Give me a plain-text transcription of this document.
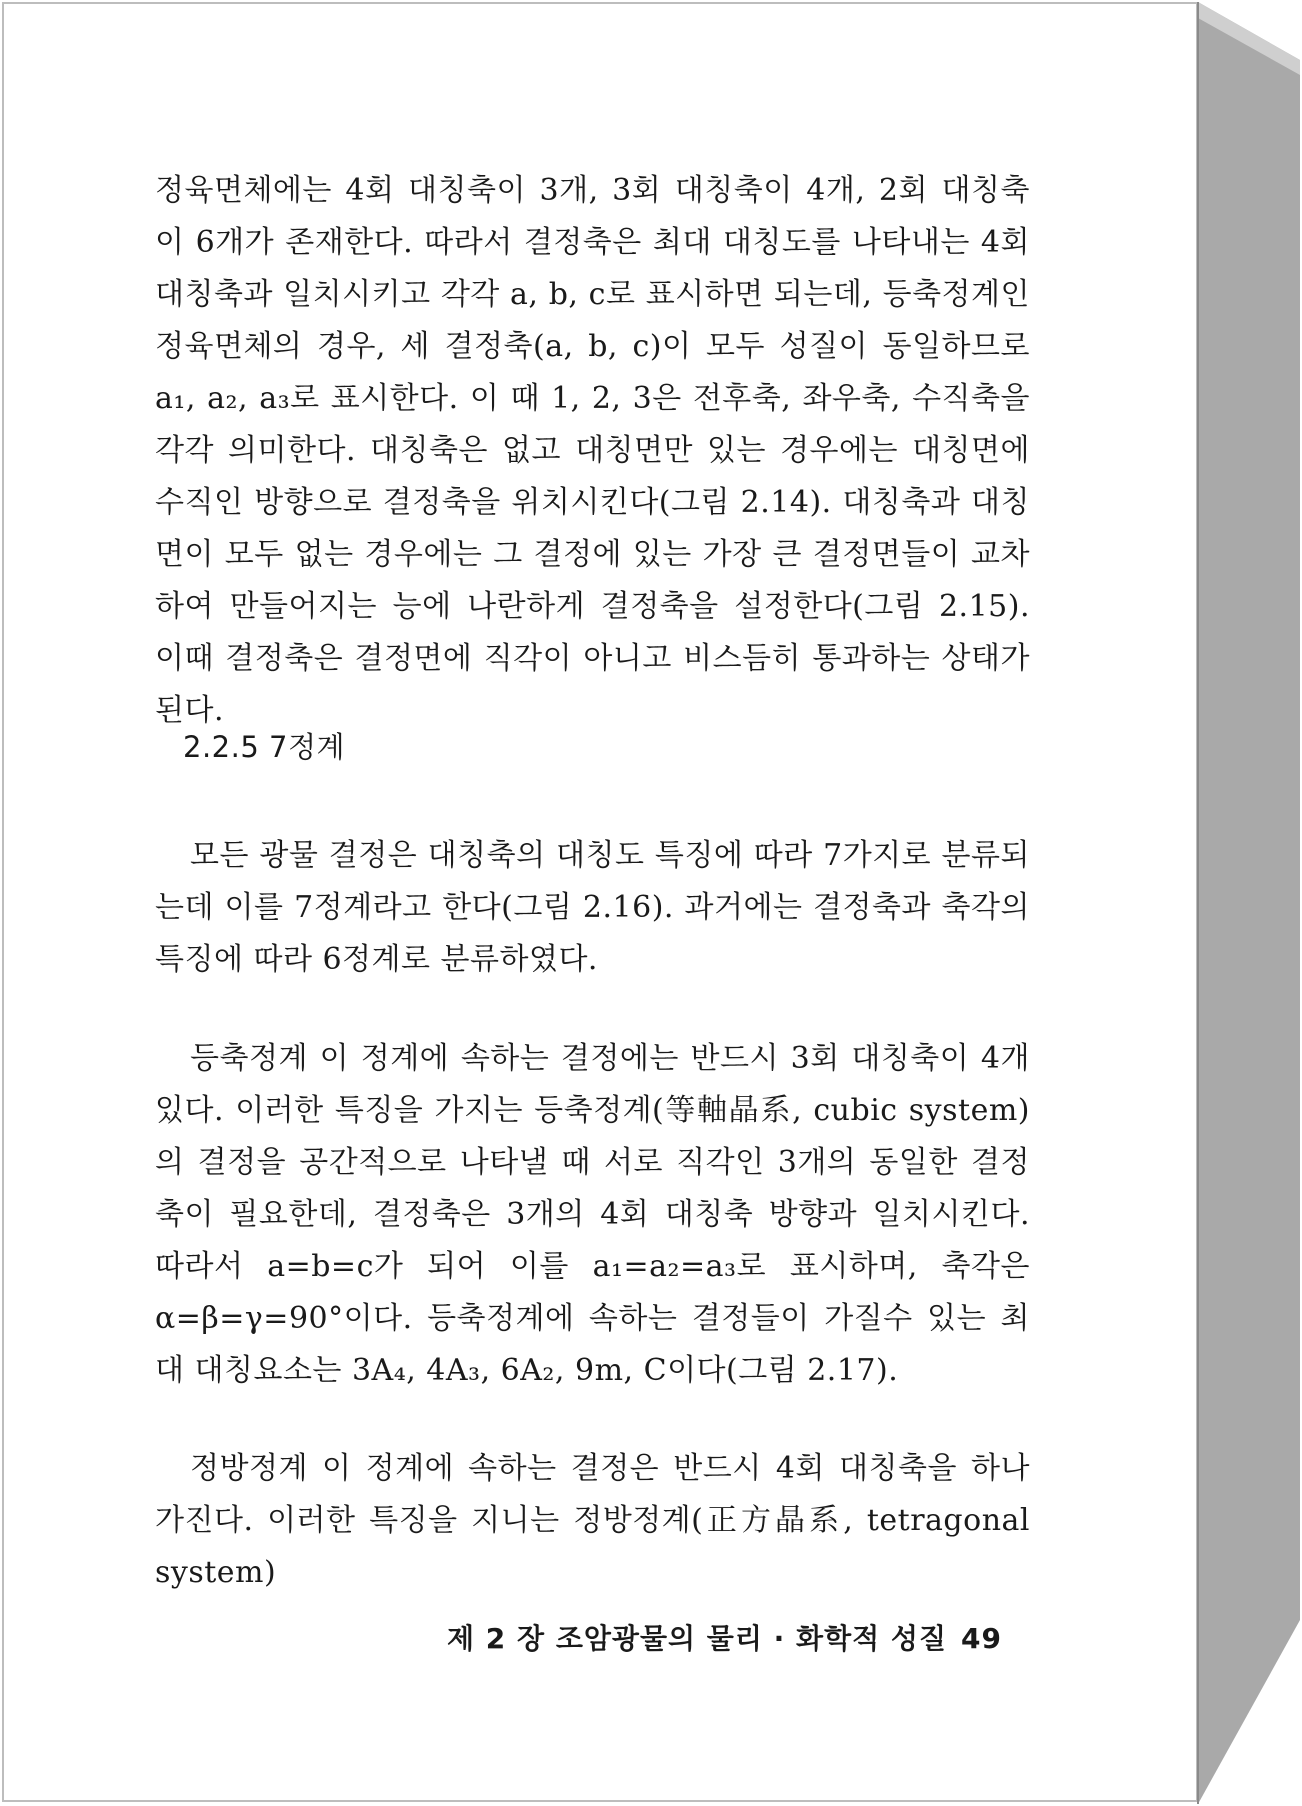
정육면체에는 4회 대칭축이 3개, 3회 대칭축이 4개, 2회 대칭축이 6개가 존재한다. 따라서 결정축은 최대 대칭도를 나타내는 4회 대칭축과 일치시키고 각각 a, b, c로 표시하면 되는데, 등축정계인 정육면체의 경우, 세 결정축(a, b, c)이 모두 성질이 동일하므로 a₁, a₂, a₃로 표시한다. 이 때 1, 2, 3은 전후축, 좌우축, 수직축을 각각 의미한다. 대칭축은 없고 대칭면만 있는 경우에는 대칭면에 수직인 방향으로 결정축을 위치시킨다(그림 2.14). 대칭축과 대칭면이 모두 없는 경우에는 그 결정에 있는 가장 큰 결정면들이 교차하여 만들어지는 능에 나란하게 결정축을 설정한다(그림 2.15). 이때 결정축은 결정면에 직각이 아니고 비스듬히 통과하는 상태가 된다.

2.2.5 7정계

모든 광물 결정은 대칭축의 대칭도 특징에 따라 7가지로 분류되는데 이를 7정계라고 한다(그림 2.16). 과거에는 결정축과 축각의 특징에 따라 6정계로 분류하였다.

등축정계 이 정계에 속하는 결정에는 반드시 3회 대칭축이 4개 있다. 이러한 특징을 가지는 등축정계(等軸晶系, cubic system)의 결정을 공간적으로 나타낼 때 서로 직각인 3개의 동일한 결정축이 필요한데, 결정축은 3개의 4회 대칭축 방향과 일치시킨다. 따라서 a=b=c가 되어 이를 a₁=a₂=a₃로 표시하며, 축각은 α=β=γ=90°이다. 등축정계에 속하는 결정들이 가질수 있는 최대 대칭요소는 3A₄, 4A₃, 6A₂, 9m, C이다(그림 2.17).

정방정계 이 정계에 속하는 결정은 반드시 4회 대칭축을 하나 가진다. 이러한 특징을 지니는 정방정계(正方晶系, tetragonal system)

제 2 장 조암광물의 물리 · 화학적 성질 49
